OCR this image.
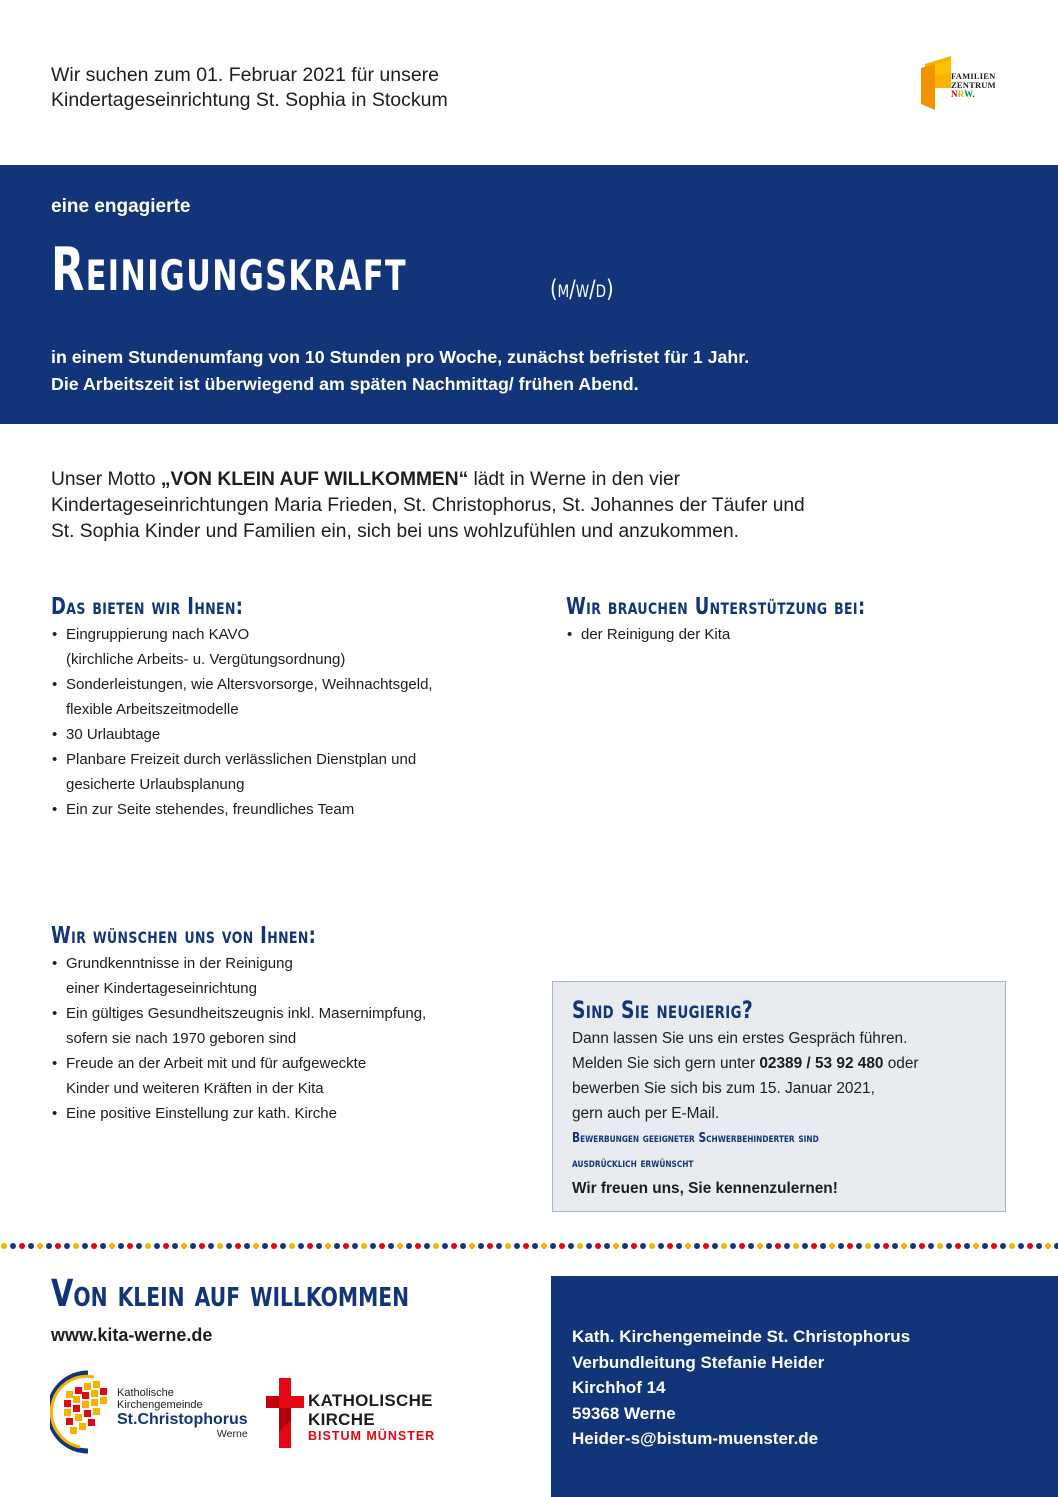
Wir suchen zum 01. Februar 2021 für unsere
Kindertageseinrichtung St. Sophia in Stockum
FAMILIEN
ZENTRUM
NRW.
eine engagierte
Reinigungskraft	(m/w/d)
in einem Stundenumfang von 10 Stunden pro Woche, zunächst befristet für 1 Jahr.
Die Arbeitszeit ist überwiegend am späten Nachmittag/ frühen Abend.
Unser Motto „VON KLEIN AUF WILLKOMMEN“ lädt in Werne in den vier
Kindertageseinrichtungen Maria Frieden, St. Christophorus, St. Johannes der Täufer und
St. Sophia Kinder und Familien ein, sich bei uns wohlzufühlen und anzukommen.
Das bieten wir Ihnen:
• Eingruppierung nach KAVO
(kirchliche Arbeits- u. Vergütungsordnung)
• Sonderleistungen, wie Altersvorsorge, Weihnachtsgeld,
flexible Arbeitszeitmodelle
• 30 Urlaubtage
• Planbare Freizeit durch verlässlichen Dienstplan und
gesicherte Urlaubsplanung
• Ein zur Seite stehendes, freundliches Team
Wir brauchen Unterstützung bei:
• der Reinigung der Kita
Wir wünschen uns von Ihnen:
• Grundkenntnisse in der Reinigung
einer Kindertageseinrichtung
• Ein gültiges Gesundheitszeugnis inkl. Masernimpfung,
sofern sie nach 1970 geboren sind
• Freude an der Arbeit mit und für aufgeweckte
Kinder und weiteren Kräften in der Kita
• Eine positive Einstellung zur kath. Kirche
Sind Sie neugierig?
Dann lassen Sie uns ein erstes Gespräch führen.
Melden Sie sich gern unter 02389 / 53 92 480 oder
bewerben Sie sich bis zum 15. Januar 2021,
gern auch per E-Mail.
Bewerbungen geeigneter Schwerbehinderter sind
ausdrücklich erwünscht
Wir freuen uns, Sie kennenzulernen!
Von klein auf willkommen
www.kita-werne.de
Katholische
Kirchengemeinde
St.Christophorus
Werne
KATHOLISCHE
KIRCHE
BISTUM MÜNSTER
Kath. Kirchengemeinde St. Christophorus
Verbundleitung Stefanie Heider
Kirchhof 14
59368 Werne
Heider-s@bistum-muenster.de
